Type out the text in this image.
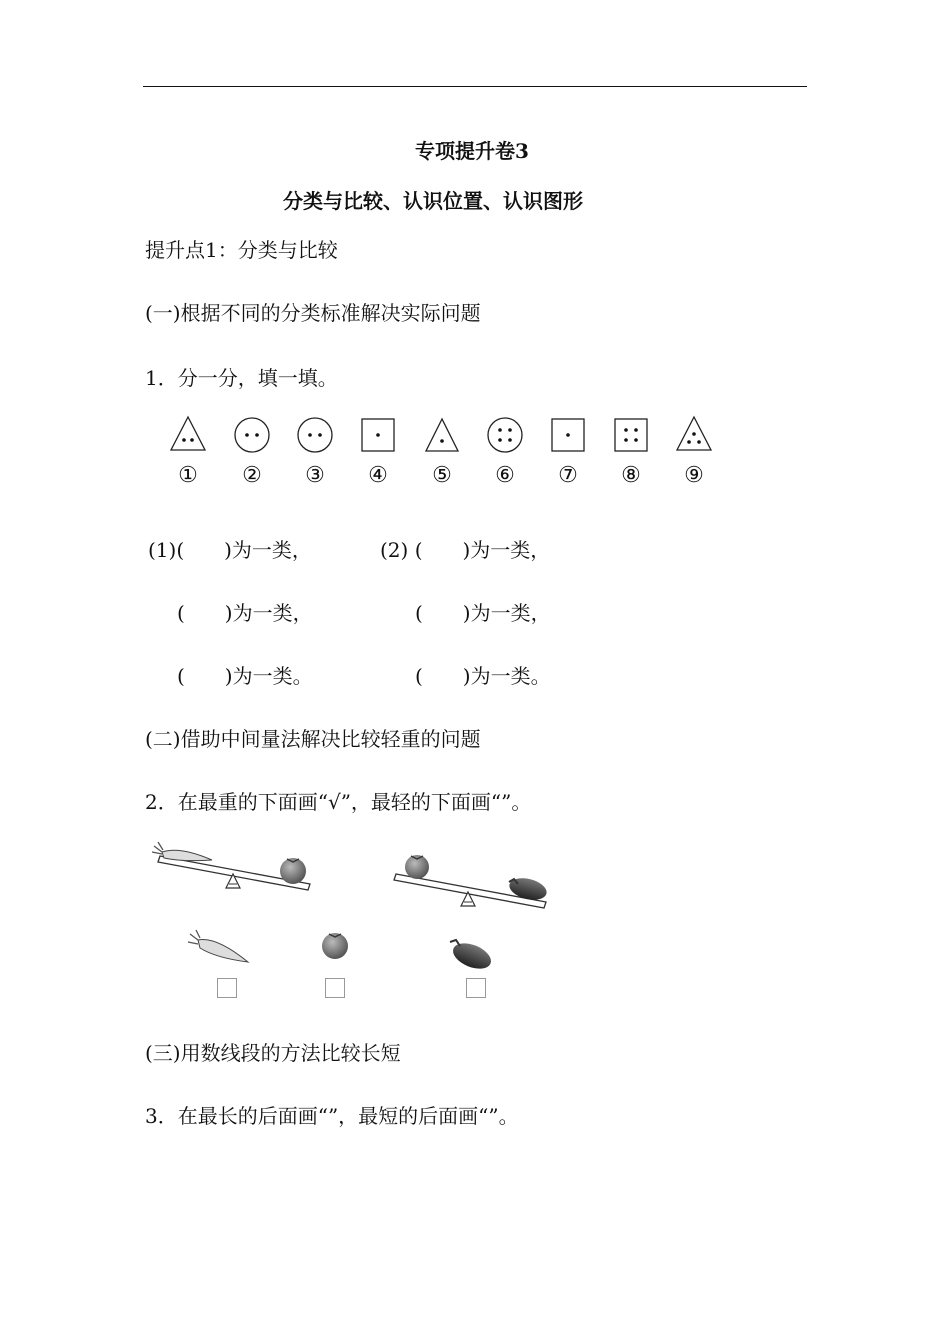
专项提升卷3
分类与比较、认识位置、认识图形
提升点1：分类与比较
(一)根据不同的分类标准解决实际问题
1．分一分，填一填。
① ② ③ ④ ⑤ ⑥ ⑦ ⑧ ⑨
(1)(　　)为一类，	(2) (　　)为一类，
(　　)为一类，	(　　)为一类，
(　　)为一类。	(　　)为一类。
(二)借助中间量法解决比较轻重的问题
2．在最重的下面画“√”，最轻的下面画“”。
(三)用数线段的方法比较长短
3．在最长的后面画“”，最短的后面画“”。
